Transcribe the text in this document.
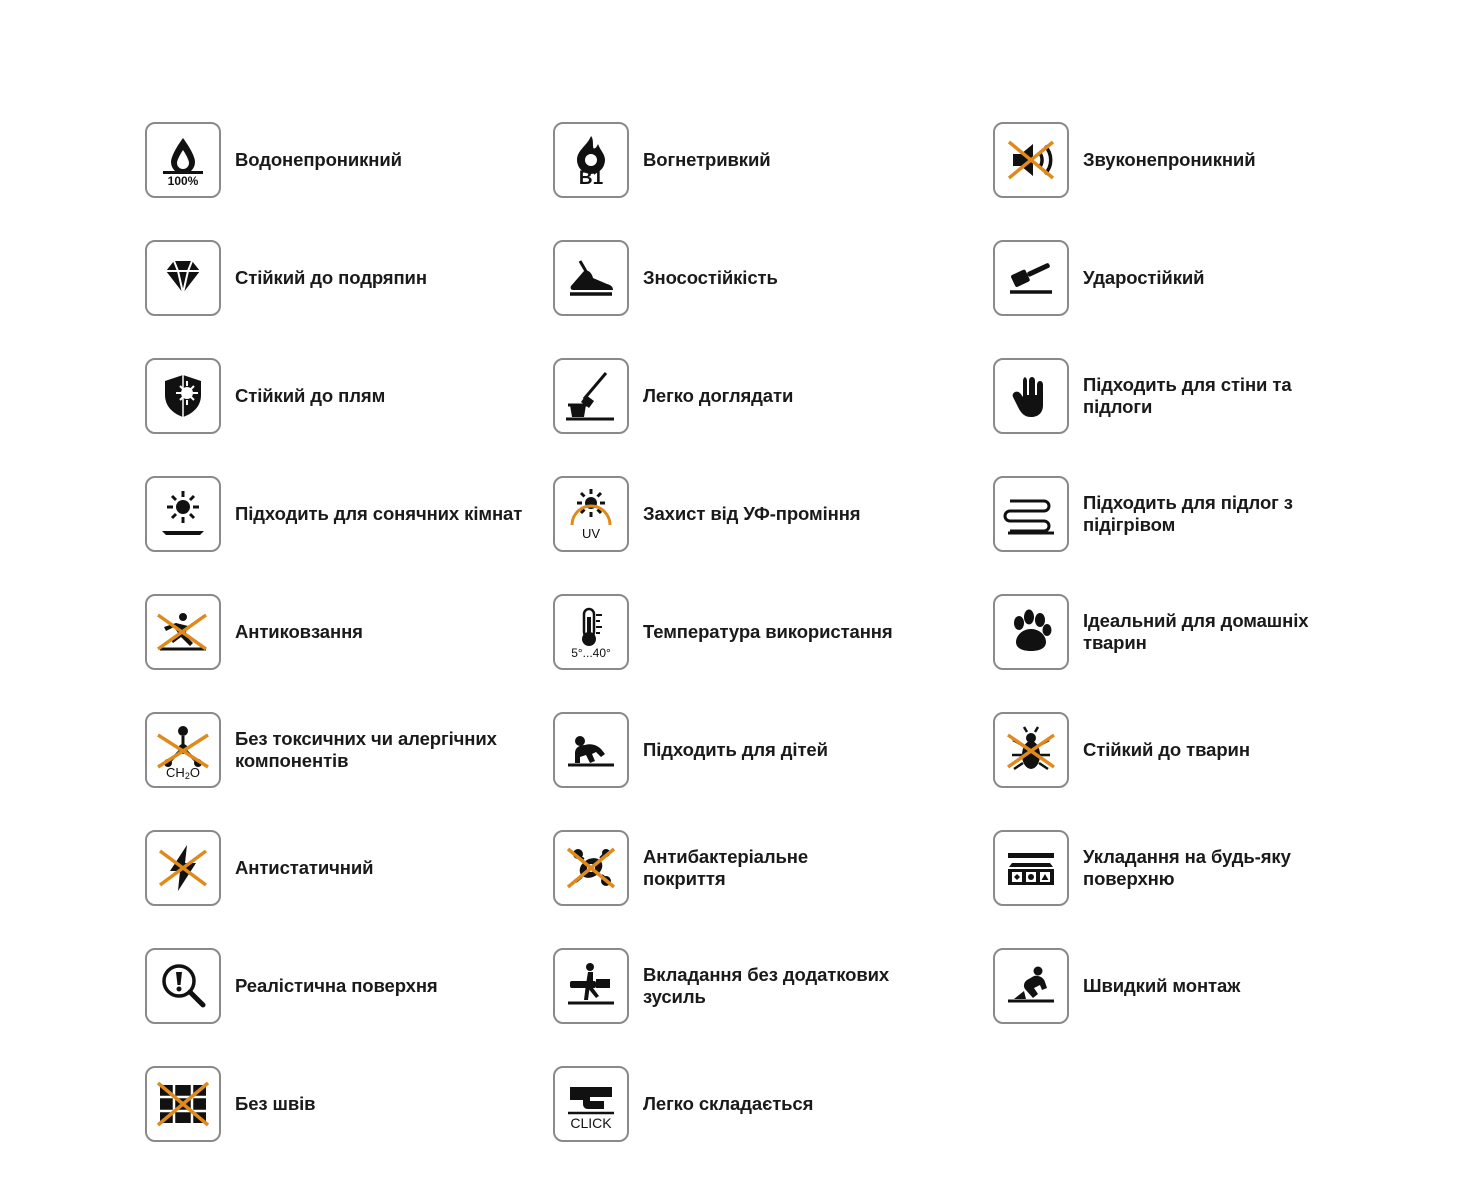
100%
Водонепроникний
B1
Вогнетривкий	Звуконепроникний
Стійкий до подряпин	Зносостійкість	Ударостійкий
Стійкий до плям	Легко доглядати
Підходить для стіни та підлоги
Підходить для сонячних кімнат
UV
Захист від УФ-проміння
Підходить для підлог з підігрівом
Антиковзання
5°...40°
Температура використання
Ідеальний для домашніх тварин
CH2O
Без токсичних чи алергічних компонентів
Підходить для дітей	Стійкий до тварин
Антистатичний
Антибактеріальне покриття
Укладання на будь-яку поверхню
Реалістична поверхня
Вкладання без додаткових зусиль
Швидкий монтаж
Без швів
CLICK
Легко складається
